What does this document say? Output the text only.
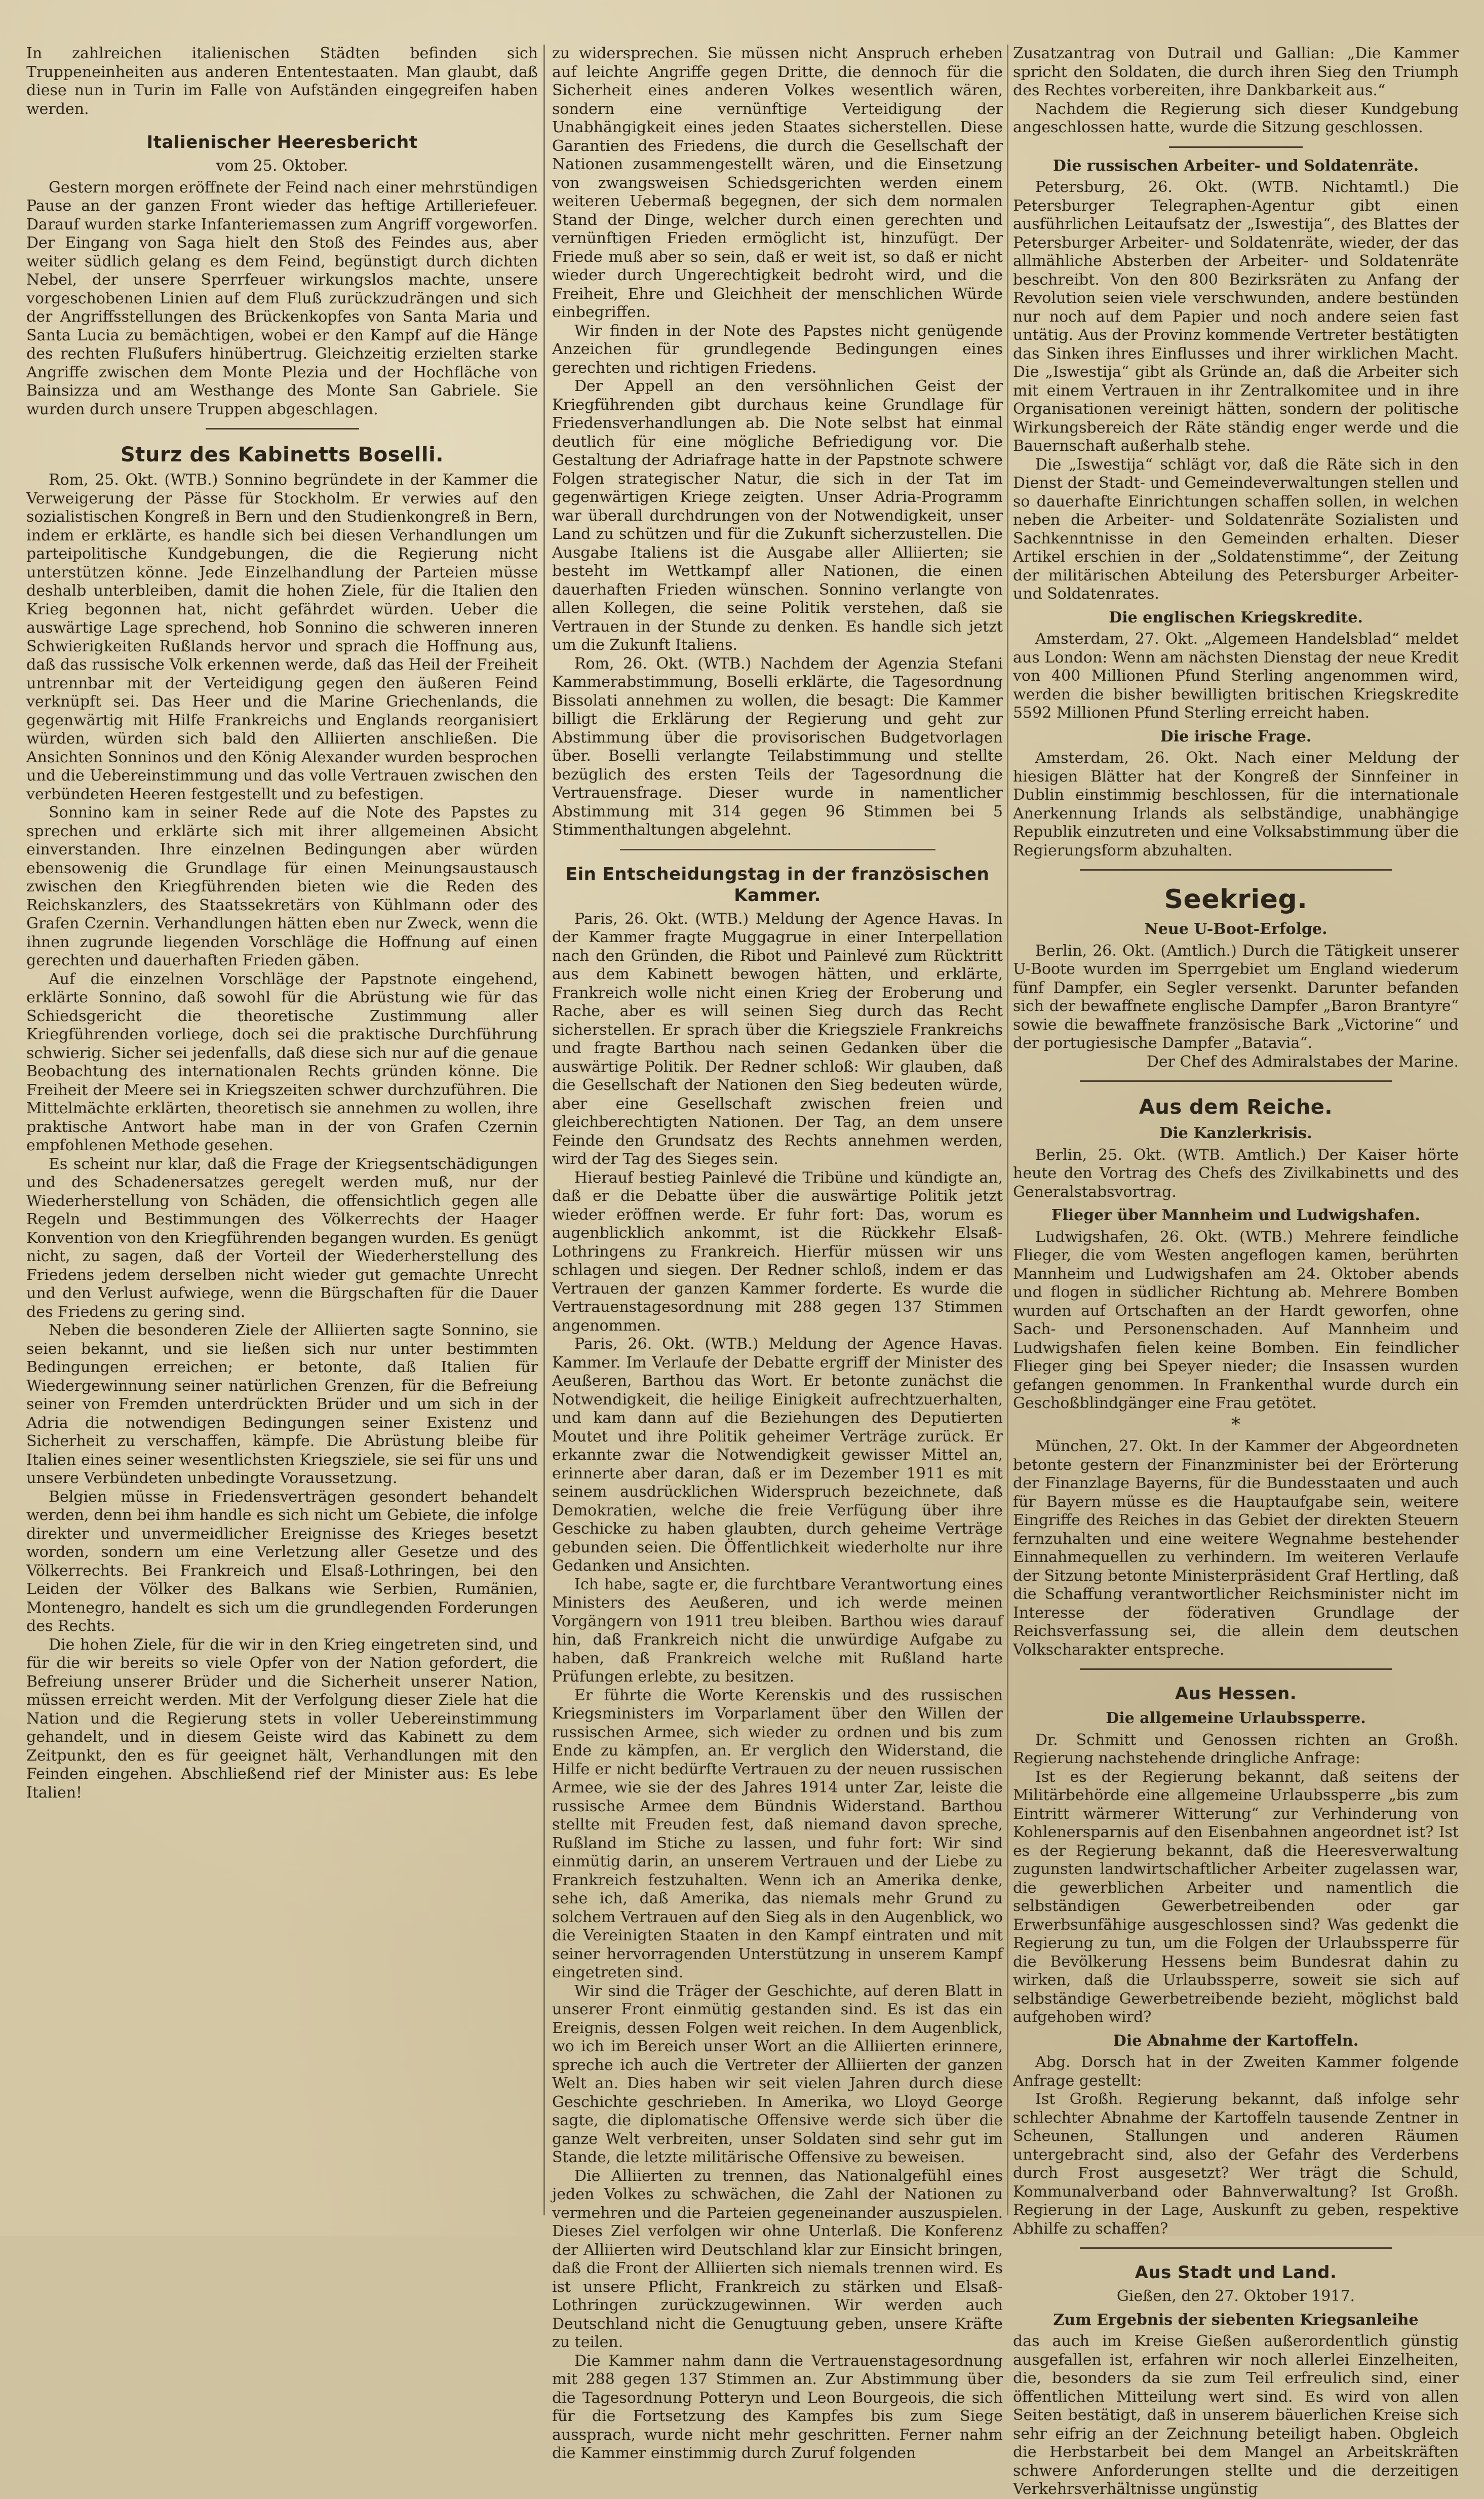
In zahlreichen italienischen Städten befinden sich Truppeneinheiten aus anderen Ententestaaten. Man glaubt, daß diese nun in Turin im Falle von Aufständen eingegreifen haben werden.

Italienischer Heeresbericht
vom 25. Oktober.

Gestern morgen eröffnete der Feind nach einer mehrstündigen Pause an der ganzen Front wieder das heftige Artilleriefeuer. Darauf wurden starke Infanteriemassen zum Angriff vorgeworfen. Der Eingang von Saga hielt den Stoß des Feindes aus, aber weiter südlich gelang es dem Feind, begünstigt durch dichten Nebel, der unsere Sperrfeuer wirkungslos machte, unsere vorgeschobenen Linien auf dem Fluß zurückzudrängen und sich der Angriffsstellungen des Brückenkopfes von Santa Maria und Santa Lucia zu bemächtigen, wobei er den Kampf auf die Hänge des rechten Flußufers hinübertrug. Gleichzeitig erzielten starke Angriffe zwischen dem Monte Plezia und der Hochfläche von Bainsizza und am Westhange des Monte San Gabriele. Sie wurden durch unsere Truppen abgeschlagen.

Sturz des Kabinetts Boselli.

Rom, 25. Okt. (WTB.) Sonnino begründete in der Kammer die Verweigerung der Pässe für Stockholm. Er verwies auf den sozialistischen Kongreß in Bern und den Studienkongreß in Bern, indem er erklärte, es handle sich bei diesen Verhandlungen um parteipolitische Kundgebungen, die die Regierung nicht unterstützen könne. Jede Einzelhandlung der Parteien müsse deshalb unterbleiben, damit die hohen Ziele, für die Italien den Krieg begonnen hat, nicht gefährdet würden. Ueber die auswärtige Lage sprechend, hob Sonnino die schweren inneren Schwierigkeiten Rußlands hervor und sprach die Hoffnung aus, daß das russische Volk erkennen werde, daß das Heil der Freiheit untrennbar mit der Verteidigung gegen den äußeren Feind verknüpft sei. Das Heer und die Marine Griechenlands, die gegenwärtig mit Hilfe Frankreichs und Englands reorganisiert würden, würden sich bald den Alliierten anschließen. Die Ansichten Sonninos und den König Alexander wurden besprochen und die Uebereinstimmung und das volle Vertrauen zwischen den verbündeten Heeren festgestellt und zu befestigen.

Sonnino kam in seiner Rede auf die Note des Papstes zu sprechen und erklärte sich mit ihrer allgemeinen Absicht einverstanden. Ihre einzelnen Bedingungen aber würden ebensowenig die Grundlage für einen Meinungsaustausch zwischen den Kriegführenden bieten wie die Reden des Reichskanzlers, des Staatssekretärs von Kühlmann oder des Grafen Czernin. Verhandlungen hätten eben nur Zweck, wenn die ihnen zugrunde liegenden Vorschläge die Hoffnung auf einen gerechten und dauerhaften Frieden gäben.

Auf die einzelnen Vorschläge der Papstnote eingehend, erklärte Sonnino, daß sowohl für die Abrüstung wie für das Schiedsgericht die theoretische Zustimmung aller Kriegführenden vorliege, doch sei die praktische Durchführung schwierig. Sicher sei jedenfalls, daß diese sich nur auf die genaue Beobachtung des internationalen Rechts gründen könne. Die Freiheit der Meere sei in Kriegszeiten schwer durchzuführen. Die Mittelmächte erklärten, theoretisch sie annehmen zu wollen, ihre praktische Antwort habe man in der von Grafen Czernin empfohlenen Methode gesehen.

Es scheint nur klar, daß die Frage der Kriegsentschädigungen und des Schadenersatzes geregelt werden muß, nur der Wiederherstellung von Schäden, die offensichtlich gegen alle Regeln und Bestimmungen des Völkerrechts der Haager Konvention von den Kriegführenden begangen wurden. Es genügt nicht, zu sagen, daß der Vorteil der Wiederherstellung des Friedens jedem derselben nicht wieder gut gemachte Unrecht und den Verlust aufwiege, wenn die Bürgschaften für die Dauer des Friedens zu gering sind.

Neben die besonderen Ziele der Alliierten sagte Sonnino, sie seien bekannt, und sie ließen sich nur unter bestimmten Bedingungen erreichen; er betonte, daß Italien für Wiedergewinnung seiner natürlichen Grenzen, für die Befreiung seiner von Fremden unterdrückten Brüder und um sich in der Adria die notwendigen Bedingungen seiner Existenz und Sicherheit zu verschaffen, kämpfe. Die Abrüstung bleibe für Italien eines seiner wesentlichsten Kriegsziele, sie sei für uns und unsere Verbündeten unbedingte Voraussetzung.

Belgien müsse in Friedensverträgen gesondert behandelt werden, denn bei ihm handle es sich nicht um Gebiete, die infolge direkter und unvermeidlicher Ereignisse des Krieges besetzt worden, sondern um eine Verletzung aller Gesetze und des Völkerrechts. Bei Frankreich und Elsaß-Lothringen, bei den Leiden der Völker des Balkans wie Serbien, Rumänien, Montenegro, handelt es sich um die grundlegenden Forderungen des Rechts.

Die hohen Ziele, für die wir in den Krieg eingetreten sind, und für die wir bereits so viele Opfer von der Nation gefordert, die Befreiung unserer Brüder und die Sicherheit unserer Nation, müssen erreicht werden. Mit der Verfolgung dieser Ziele hat die Nation und die Regierung stets in voller Uebereinstimmung gehandelt, und in diesem Geiste wird das Kabinett zu dem Zeitpunkt, den es für geeignet hält, Verhandlungen mit den Feinden eingehen. Abschließend rief der Minister aus: Es lebe Italien!

zu widersprechen. Sie müssen nicht Anspruch erheben auf leichte Angriffe gegen Dritte, die dennoch für die Sicherheit eines anderen Volkes wesentlich wären, sondern eine vernünftige Verteidigung der Unabhängigkeit eines jeden Staates sicherstellen. Diese Garantien des Friedens, die durch die Gesellschaft der Nationen zusammengestellt wären, und die Einsetzung von zwangsweisen Schiedsgerichten werden einem weiteren Uebermaß begegnen, der sich dem normalen Stand der Dinge, welcher durch einen gerechten und vernünftigen Frieden ermöglicht ist, hinzufügt. Der Friede muß aber so sein, daß er weit ist, so daß er nicht wieder durch Ungerechtigkeit bedroht wird, und die Freiheit, Ehre und Gleichheit der menschlichen Würde einbegriffen.

Wir finden in der Note des Papstes nicht genügende Anzeichen für grundlegende Bedingungen eines gerechten und richtigen Friedens.

Der Appell an den versöhnlichen Geist der Kriegführenden gibt durchaus keine Grundlage für Friedensverhandlungen ab. Die Note selbst hat einmal deutlich für eine mögliche Befriedigung vor. Die Gestaltung der Adriafrage hatte in der Papstnote schwere Folgen strategischer Natur, die sich in der Tat im gegenwärtigen Kriege zeigten. Unser Adria-Programm war überall durchdrungen von der Notwendigkeit, unser Land zu schützen und für die Zukunft sicherzustellen. Die Ausgabe Italiens ist die Ausgabe aller Alliierten; sie besteht im Wettkampf aller Nationen, die einen dauerhaften Frieden wünschen. Sonnino verlangte von allen Kollegen, die seine Politik verstehen, daß sie Vertrauen in der Stunde zu denken. Es handle sich jetzt um die Zukunft Italiens.

Rom, 26. Okt. (WTB.) Nachdem der Agenzia Stefani Kammerabstimmung, Boselli erklärte, die Tagesordnung Bissolati annehmen zu wollen, die besagt: Die Kammer billigt die Erklärung der Regierung und geht zur Abstimmung über die provisorischen Budgetvorlagen über. Boselli verlangte Teilabstimmung und stellte bezüglich des ersten Teils der Tagesordnung die Vertrauensfrage. Dieser wurde in namentlicher Abstimmung mit 314 gegen 96 Stimmen bei 5 Stimmenthaltungen abgelehnt.

Ein Entscheidungstag in der französischen Kammer.

Paris, 26. Okt. (WTB.) Meldung der Agence Havas. In der Kammer fragte Muggagrue in einer Interpellation nach den Gründen, die Ribot und Painlevé zum Rücktritt aus dem Kabinett bewogen hätten, und erklärte, Frankreich wolle nicht einen Krieg der Eroberung und Rache, aber es will seinen Sieg durch das Recht sicherstellen. Er sprach über die Kriegsziele Frankreichs und fragte Barthou nach seinen Gedanken über die auswärtige Politik. Der Redner schloß: Wir glauben, daß die Gesellschaft der Nationen den Sieg bedeuten würde, aber eine Gesellschaft zwischen freien und gleichberechtigten Nationen. Der Tag, an dem unsere Feinde den Grundsatz des Rechts annehmen werden, wird der Tag des Sieges sein.

Hierauf bestieg Painlevé die Tribüne und kündigte an, daß er die Debatte über die auswärtige Politik jetzt wieder eröffnen werde. Er fuhr fort: Das, worum es augenblicklich ankommt, ist die Rückkehr Elsaß-Lothringens zu Frankreich. Hierfür müssen wir uns schlagen und siegen. Der Redner schloß, indem er das Vertrauen der ganzen Kammer forderte. Es wurde die Vertrauenstagesordnung mit 288 gegen 137 Stimmen angenommen.

Paris, 26. Okt. (WTB.) Meldung der Agence Havas. Kammer. Im Verlaufe der Debatte ergriff der Minister des Aeußeren, Barthou das Wort. Er betonte zunächst die Notwendigkeit, die heilige Einigkeit aufrechtzuerhalten, und kam dann auf die Beziehungen des Deputierten Moutet und ihre Politik geheimer Verträge zurück. Er erkannte zwar die Notwendigkeit gewisser Mittel an, erinnerte aber daran, daß er im Dezember 1911 es mit seinem ausdrücklichen Widerspruch bezeichnete, daß Demokratien, welche die freie Verfügung über ihre Geschicke zu haben glaubten, durch geheime Verträge gebunden seien. Die Öffentlichkeit wiederholte nur ihre Gedanken und Ansichten.

Ich habe, sagte er, die furchtbare Verantwortung eines Ministers des Aeußeren, und ich werde meinen Vorgängern von 1911 treu bleiben. Barthou wies darauf hin, daß Frankreich nicht die unwürdige Aufgabe zu haben, daß Frankreich welche mit Rußland harte Prüfungen erlebte, zu besitzen.

Er führte die Worte Kerenskis und des russischen Kriegsministers im Vorparlament über den Willen der russischen Armee, sich wieder zu ordnen und bis zum Ende zu kämpfen, an. Er verglich den Widerstand, die Hilfe er nicht bedürfte Vertrauen zu der neuen russischen Armee, wie sie der des Jahres 1914 unter Zar, leiste die russische Armee dem Bündnis Widerstand. Barthou stellte mit Freuden fest, daß niemand davon spreche, Rußland im Stiche zu lassen, und fuhr fort: Wir sind einmütig darin, an unserem Vertrauen und der Liebe zu Frankreich festzuhalten. Wenn ich an Amerika denke, sehe ich, daß Amerika, das niemals mehr Grund zu solchem Vertrauen auf den Sieg als in den Augenblick, wo die Vereinigten Staaten in den Kampf eintraten und mit seiner hervorragenden Unterstützung in unserem Kampf eingetreten sind.

Wir sind die Träger der Geschichte, auf deren Blatt in unserer Front einmütig gestanden sind. Es ist das ein Ereignis, dessen Folgen weit reichen. In dem Augenblick, wo ich im Bereich unser Wort an die Alliierten erinnere, spreche ich auch die Vertreter der Alliierten der ganzen Welt an. Dies haben wir seit vielen Jahren durch diese Geschichte geschrieben. In Amerika, wo Lloyd George sagte, die diplomatische Offensive werde sich über die ganze Welt verbreiten, unser Soldaten sind sehr gut im Stande, die letzte militärische Offensive zu beweisen.

Die Alliierten zu trennen, das Nationalgefühl eines jeden Volkes zu schwächen, die Zahl der Nationen zu vermehren und die Parteien gegeneinander auszuspielen. Dieses Ziel verfolgen wir ohne Unterlaß. Die Konferenz der Alliierten wird Deutschland klar zur Einsicht bringen, daß die Front der Alliierten sich niemals trennen wird. Es ist unsere Pflicht, Frankreich zu stärken und Elsaß-Lothringen zurückzugewinnen. Wir werden auch Deutschland nicht die Genugtuung geben, unsere Kräfte zu teilen.

Die Kammer nahm dann die Vertrauenstagesordnung mit 288 gegen 137 Stimmen an. Zur Abstimmung über die Tagesordnung Potteryn und Leon Bourgeois, die sich für die Fortsetzung des Kampfes bis zum Siege aussprach, wurde nicht mehr geschritten. Ferner nahm die Kammer einstimmig durch Zuruf folgenden

Zusatzantrag von Dutrail und Gallian: „Die Kammer spricht den Soldaten, die durch ihren Sieg den Triumph des Rechtes vorbereiten, ihre Dankbarkeit aus.“

Nachdem die Regierung sich dieser Kundgebung angeschlossen hatte, wurde die Sitzung geschlossen.

Die russischen Arbeiter- und Soldatenräte.

Petersburg, 26. Okt. (WTB. Nichtamtl.) Die Petersburger Telegraphen-Agentur gibt einen ausführlichen Leitaufsatz der „Iswestija“, des Blattes der Petersburger Arbeiter- und Soldatenräte, wieder, der das allmähliche Absterben der Arbeiter- und Soldatenräte beschreibt. Von den 800 Bezirksräten zu Anfang der Revolution seien viele verschwunden, andere bestünden nur noch auf dem Papier und noch andere seien fast untätig. Aus der Provinz kommende Vertreter bestätigten das Sinken ihres Einflusses und ihrer wirklichen Macht. Die „Iswestija“ gibt als Gründe an, daß die Arbeiter sich mit einem Vertrauen in ihr Zentralkomitee und in ihre Organisationen vereinigt hätten, sondern der politische Wirkungsbereich der Räte ständig enger werde und die Bauernschaft außerhalb stehe.

Die „Iswestija“ schlägt vor, daß die Räte sich in den Dienst der Stadt- und Gemeindeverwaltungen stellen und so dauerhafte Einrichtungen schaffen sollen, in welchen neben die Arbeiter- und Soldatenräte Sozialisten und Sachkenntnisse in den Gemeinden erhalten. Dieser Artikel erschien in der „Soldatenstimme“, der Zeitung der militärischen Abteilung des Petersburger Arbeiter- und Soldatenrates.

Die englischen Kriegskredite.

Amsterdam, 27. Okt. „Algemeen Handelsblad“ meldet aus London: Wenn am nächsten Dienstag der neue Kredit von 400 Millionen Pfund Sterling angenommen wird, werden die bisher bewilligten britischen Kriegskredite 5592 Millionen Pfund Sterling erreicht haben.

Die irische Frage.

Amsterdam, 26. Okt. Nach einer Meldung der hiesigen Blätter hat der Kongreß der Sinnfeiner in Dublin einstimmig beschlossen, für die internationale Anerkennung Irlands als selbständige, unabhängige Republik einzutreten und eine Volksabstimmung über die Regierungsform abzuhalten.

Seekrieg.
Neue U-Boot-Erfolge.

Berlin, 26. Okt. (Amtlich.) Durch die Tätigkeit unserer U-Boote wurden im Sperrgebiet um England wiederum fünf Dampfer, ein Segler versenkt. Darunter befanden sich der bewaffnete englische Dampfer „Baron Brantyre“ sowie die bewaffnete französische Bark „Victorine“ und der portugiesische Dampfer „Batavia“.

Der Chef des Admiralstabes der Marine.

Aus dem Reiche.
Die Kanzlerkrisis.

Berlin, 25. Okt. (WTB. Amtlich.) Der Kaiser hörte heute den Vortrag des Chefs des Zivilkabinetts und des Generalstabsvortrag.

Flieger über Mannheim und Ludwigshafen.

Ludwigshafen, 26. Okt. (WTB.) Mehrere feindliche Flieger, die vom Westen angeflogen kamen, berührten Mannheim und Ludwigshafen am 24. Oktober abends und flogen in südlicher Richtung ab. Mehrere Bomben wurden auf Ortschaften an der Hardt geworfen, ohne Sach- und Personenschaden. Auf Mannheim und Ludwigshafen fielen keine Bomben. Ein feindlicher Flieger ging bei Speyer nieder; die Insassen wurden gefangen genommen. In Frankenthal wurde durch ein Geschoßblindgänger eine Frau getötet.

*

München, 27. Okt. In der Kammer der Abgeordneten betonte gestern der Finanzminister bei der Erörterung der Finanzlage Bayerns, für die Bundesstaaten und auch für Bayern müsse es die Hauptaufgabe sein, weitere Eingriffe des Reiches in das Gebiet der direkten Steuern fernzuhalten und eine weitere Wegnahme bestehender Einnahmequellen zu verhindern. Im weiteren Verlaufe der Sitzung betonte Ministerpräsident Graf Hertling, daß die Schaffung verantwortlicher Reichsminister nicht im Interesse der föderativen Grundlage der Reichsverfassung sei, die allein dem deutschen Volkscharakter entspreche.

Aus Hessen.
Die allgemeine Urlaubssperre.

Dr. Schmitt und Genossen richten an Großh. Regierung nachstehende dringliche Anfrage:

Ist es der Regierung bekannt, daß seitens der Militärbehörde eine allgemeine Urlaubssperre „bis zum Eintritt wärmerer Witterung“ zur Verhinderung von Kohlenersparnis auf den Eisenbahnen angeordnet ist? Ist es der Regierung bekannt, daß die Heeresverwaltung zugunsten landwirtschaftlicher Arbeiter zugelassen war, die gewerblichen Arbeiter und namentlich die selbständigen Gewerbetreibenden oder gar Erwerbsunfähige ausgeschlossen sind? Was gedenkt die Regierung zu tun, um die Folgen der Urlaubssperre für die Bevölkerung Hessens beim Bundesrat dahin zu wirken, daß die Urlaubssperre, soweit sie sich auf selbständige Gewerbetreibende bezieht, möglichst bald aufgehoben wird?

Die Abnahme der Kartoffeln.

Abg. Dorsch hat in der Zweiten Kammer folgende Anfrage gestellt:

Ist Großh. Regierung bekannt, daß infolge sehr schlechter Abnahme der Kartoffeln tausende Zentner in Scheunen, Stallungen und anderen Räumen untergebracht sind, also der Gefahr des Verderbens durch Frost ausgesetzt? Wer trägt die Schuld, Kommunalverband oder Bahnverwaltung? Ist Großh. Regierung in der Lage, Auskunft zu geben, respektive Abhilfe zu schaffen?

Aus Stadt und Land.
Gießen, den 27. Oktober 1917.
Zum Ergebnis der siebenten Kriegsanleihe

das auch im Kreise Gießen außerordentlich günstig ausgefallen ist, erfahren wir noch allerlei Einzelheiten, die, besonders da sie zum Teil erfreulich sind, einer öffentlichen Mitteilung wert sind. Es wird von allen Seiten bestätigt, daß in unserem bäuerlichen Kreise sich sehr eifrig an der Zeichnung beteiligt haben. Obgleich die Herbstarbeit bei dem Mangel an Arbeitskräften schwere Anforderungen stellte und die derzeitigen Verkehrsverhältnisse ungünstig
